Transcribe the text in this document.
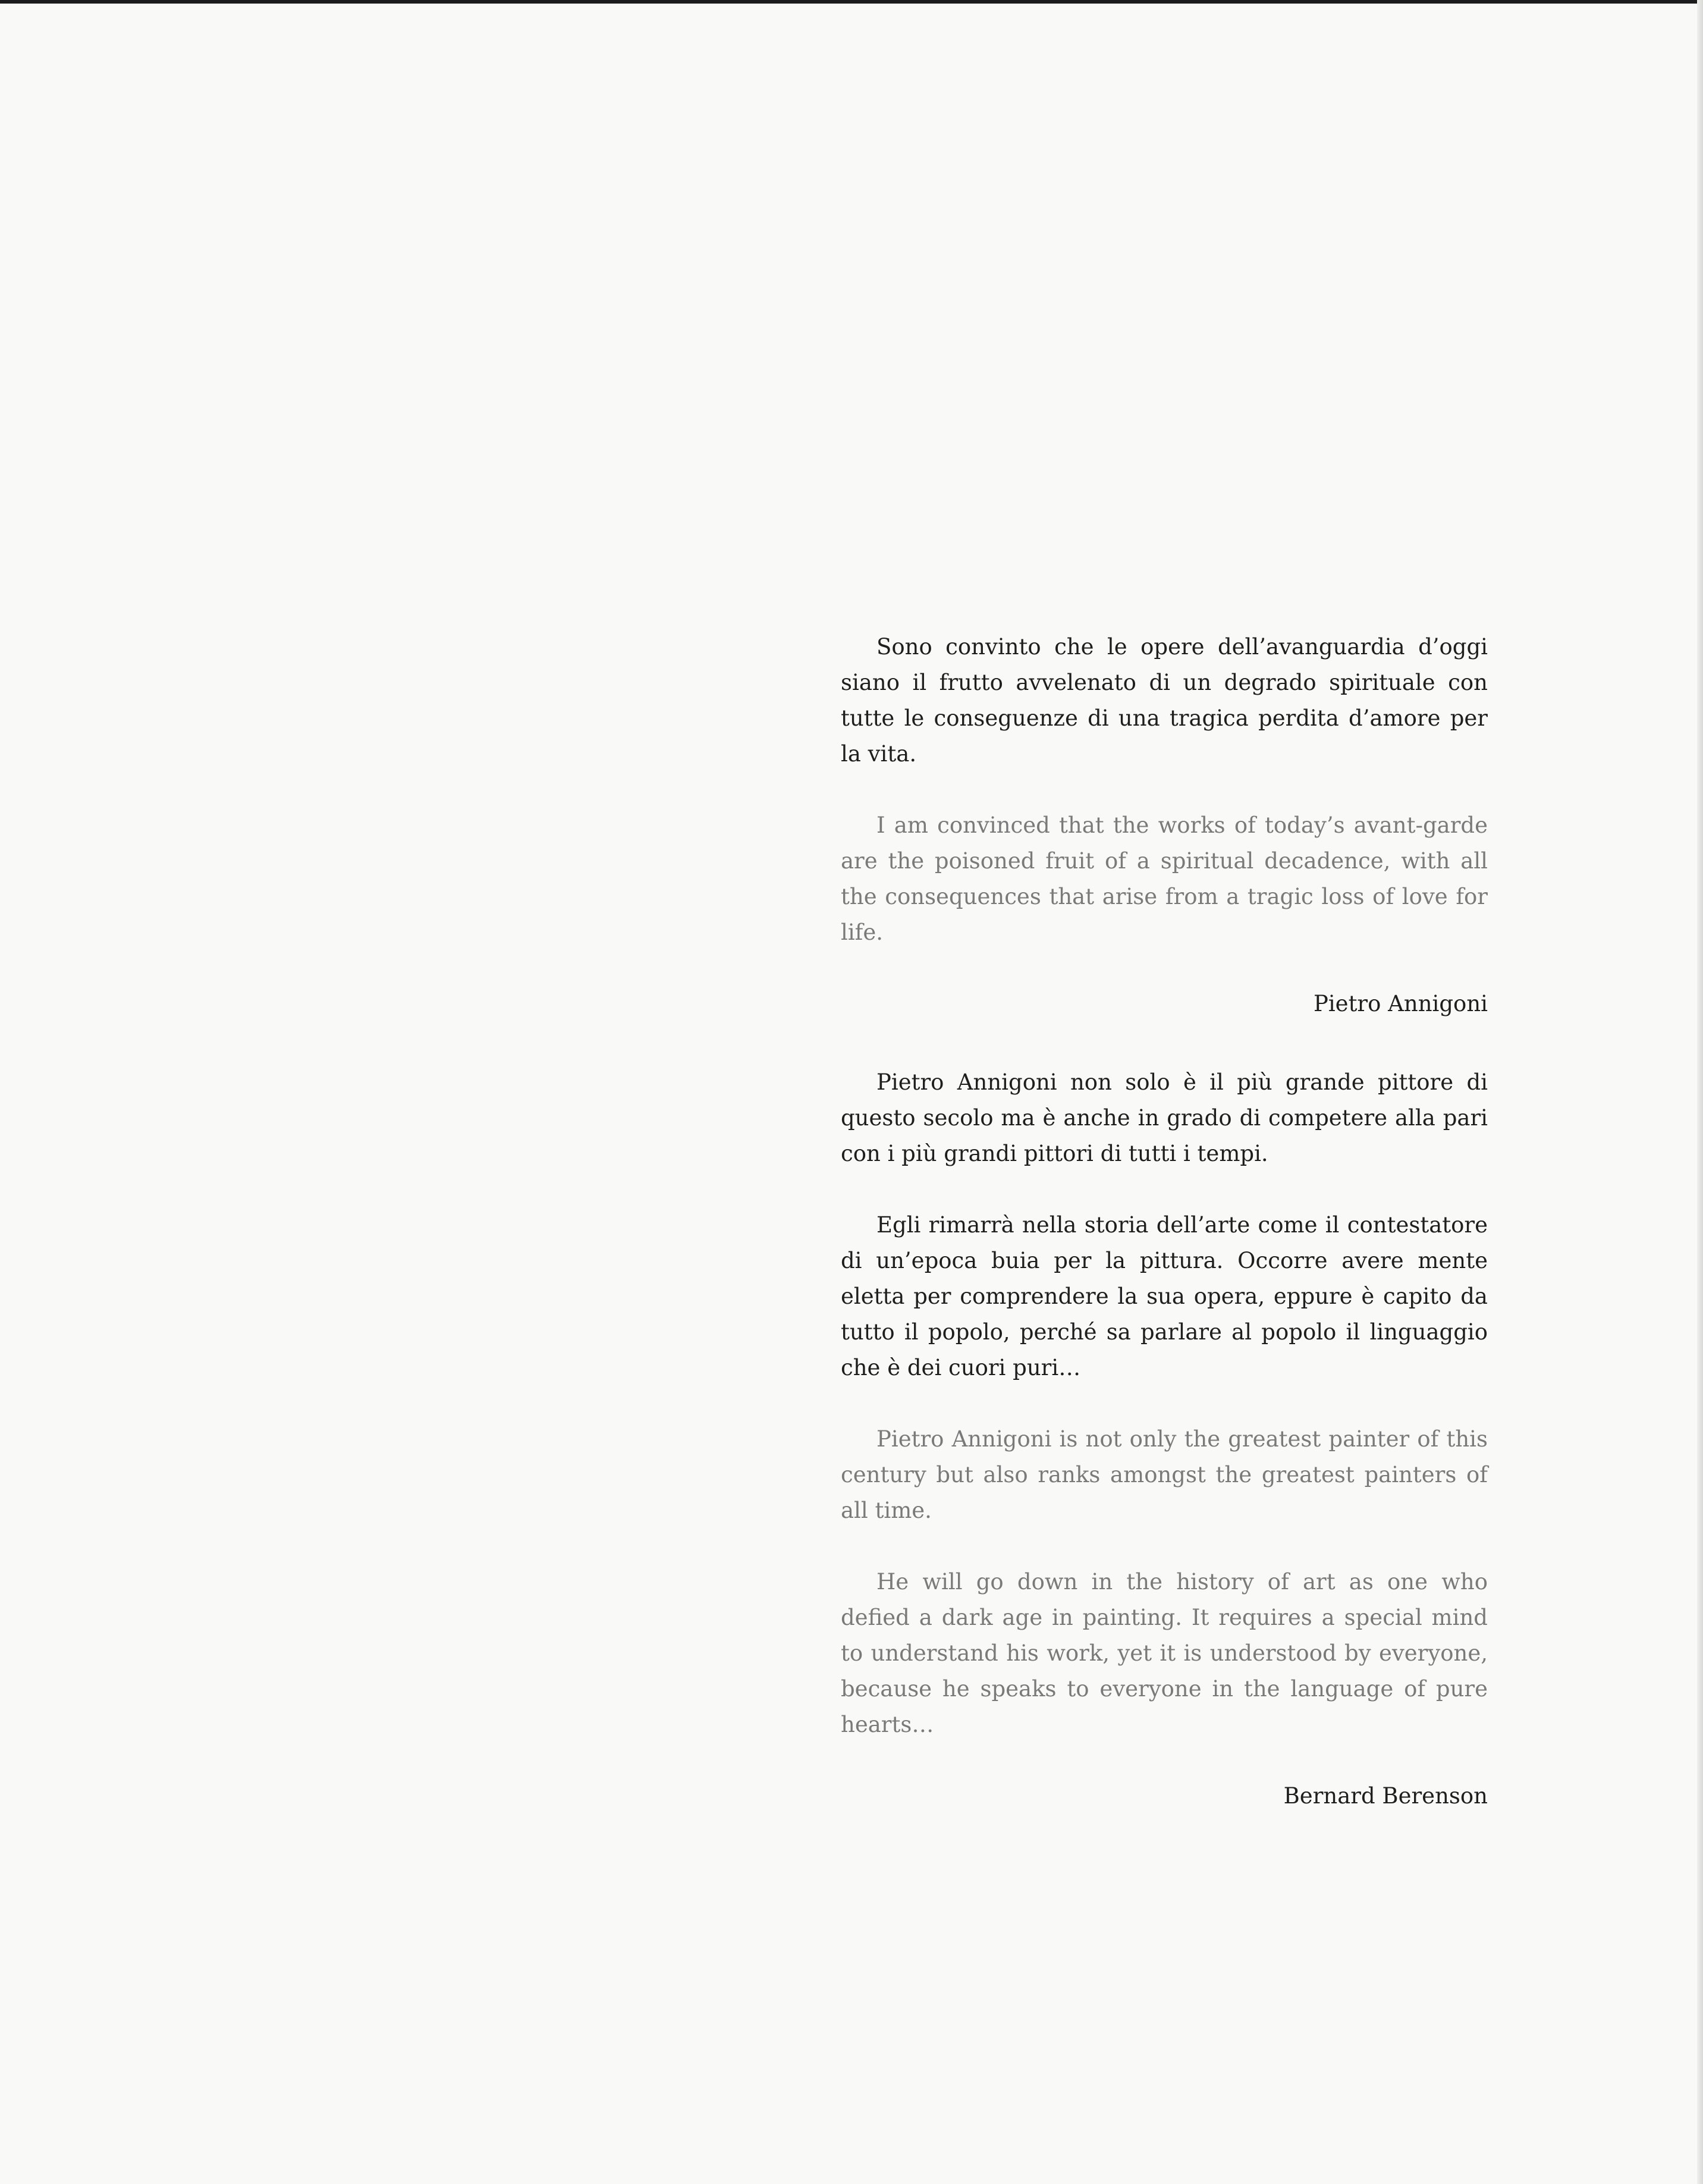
Sono convinto che le opere dell’avanguardia d’oggi siano il frutto avvelenato di un degrado spirituale con tutte le conseguenze di una tragica perdita d’amore per la vita.

I am convinced that the works of today’s avant-garde are the poisoned fruit of a spiritual decadence, with all the consequences that arise from a tragic loss of love for life.

Pietro Annigoni

Pietro Annigoni non solo è il più grande pittore di questo secolo ma è anche in grado di competere alla pari con i più grandi pittori di tutti i tempi.

Egli rimarrà nella storia dell’arte come il contestatore di un’epoca buia per la pittura. Occorre avere mente eletta per comprendere la sua opera, eppure è capito da tutto il popolo, perché sa parlare al popolo il linguaggio che è dei cuori puri…

Pietro Annigoni is not only the greatest painter of this century but also ranks amongst the greatest painters of all time.

He will go down in the history of art as one who defied a dark age in painting. It requires a special mind to understand his work, yet it is understood by everyone, because he speaks to everyone in the language of pure hearts…

Bernard Berenson
